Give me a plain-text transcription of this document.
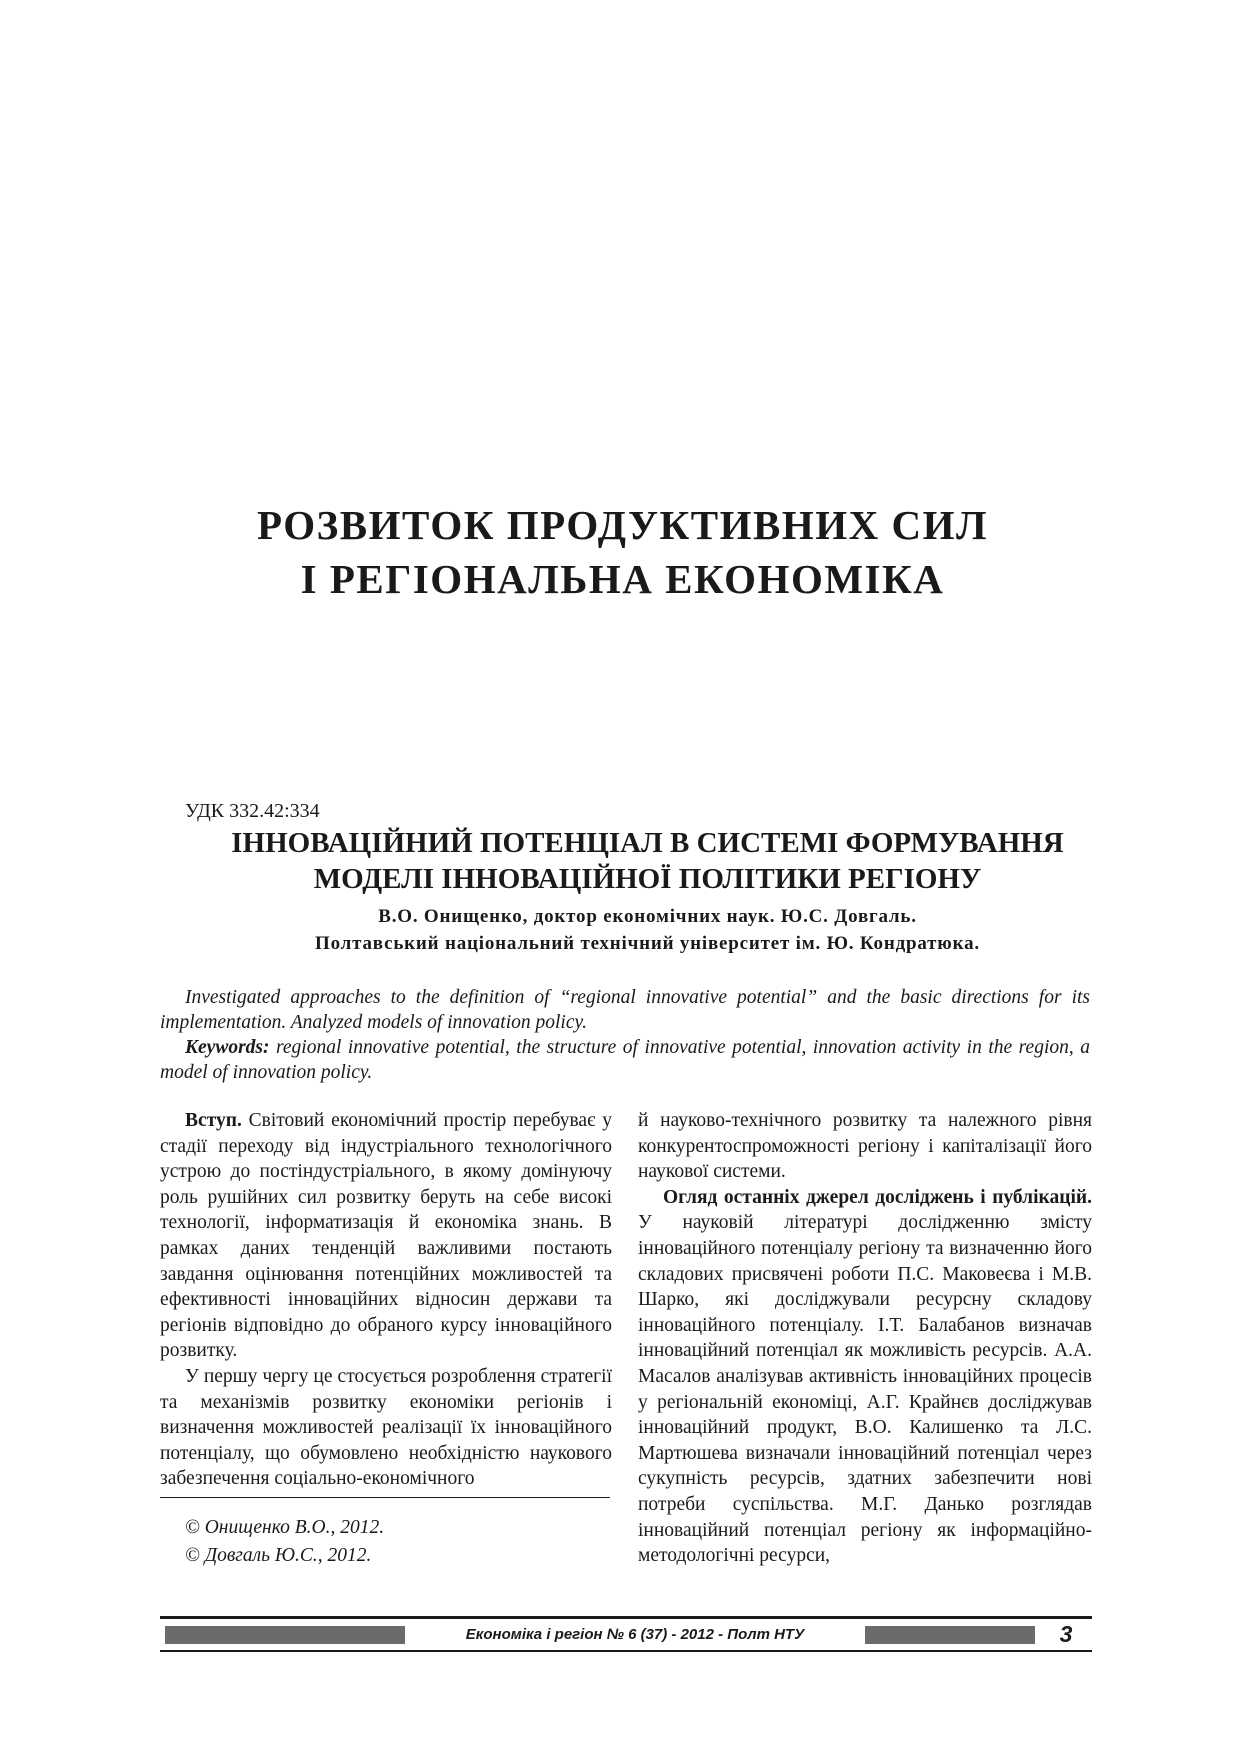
РОЗВИТОК ПРОДУКТИВНИХ СИЛ
І РЕГІОНАЛЬНА ЕКОНОМІКА
УДК 332.42:334
ІННОВАЦІЙНИЙ ПОТЕНЦІАЛ В СИСТЕМІ ФОРМУВАННЯ
МОДЕЛІ ІННОВАЦІЙНОЇ ПОЛІТИКИ РЕГІОНУ
В.О. Онищенко, доктор економічних наук. Ю.С. Довгаль.
Полтавський національний технічний університет ім. Ю. Кондратюка.

Investigated approaches to the definition of “regional innovative potential” and the basic directions for its implementation. Analyzed models of innovation policy.

Keywords: regional innovative potential, the structure of innovative potential, innovation activity in the region, a model of innovation policy.

Вступ. Світовий економічний простір перебуває у стадії переходу від індустріального технологічного устрою до постіндустріального, в якому домінуючу роль рушійних сил розвитку беруть на себе високі технології, інформатизація й економіка знань. В рамках даних тенденцій важливими постають завдання оцінювання потенційних можливостей та ефективності інноваційних відносин держави та регіонів відповідно до обраного курсу інноваційного розвитку.

У першу чергу це стосується розроблення стратегії та механізмів розвитку економіки регіонів і визначення можливостей реалізації їх інноваційного потенціалу, що обумовлено необхідністю наукового забезпечення соціально-економічного

й науково-технічного розвитку та належного рівня конкурентоспроможності регіону і капіталізації його наукової системи.

Огляд останніх джерел досліджень і публікацій. У науковій літературі дослідженню змісту інноваційного потенціалу регіону та визначенню його складових присвячені роботи П.С. Маковеєва і М.В. Шарко, які досліджували ресурсну складову інноваційного потенціалу. І.Т. Балабанов визначав інноваційний потенціал як можливість ресурсів. А.А. Масалов аналізував активність інноваційних процесів у регіональній економіці, А.Г. Крайнєв досліджував інноваційний продукт, В.О. Калишенко та Л.С. Мартюшева визначали інноваційний потенціал через сукупність ресурсів, здатних забезпечити нові потреби суспільства. М.Г. Данько розглядав інноваційний потенціал регіону як інформаційно-методологічні ресурси,

© Онищенко В.О., 2012.
© Довгаль Ю.С., 2012.
Економіка і регіон № 6 (37) - 2012 - Полт НТУ	3
